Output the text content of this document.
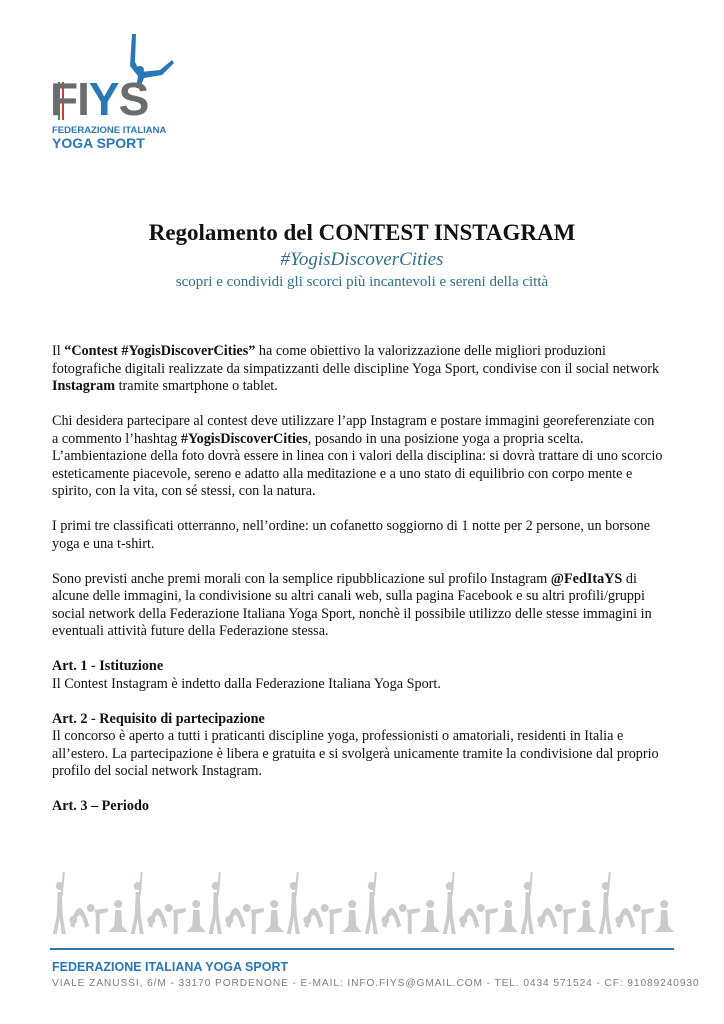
FIYS
FEDERAZIONE ITALIANA
YOGA SPORT
Regolamento del CONTEST INSTAGRAM
#YogisDiscoverCities
scopri e condividi gli scorci più incantevoli e sereni della città

Il “Contest #YogisDiscoverCities” ha come obiettivo la valorizzazione delle migliori produzioni fotografiche digitali realizzate da simpatizzanti delle discipline Yoga Sport, condivise con il social network Instagram tramite smartphone o tablet.

Chi desidera partecipare al contest deve utilizzare l’app Instagram e postare immagini georeferenziate con a commento l’hashtag #YogisDiscoverCities, posando in una posizione yoga a propria scelta. L’ambientazione della foto dovrà essere in linea con i valori della disciplina: si dovrà trattare di uno scorcio esteticamente piacevole, sereno e adatto alla meditazione e a uno stato di equilibrio con corpo mente e spirito, con la vita, con sé stessi, con la natura.

I primi tre classificati otterranno, nell’ordine: un cofanetto soggiorno di 1 notte per 2 persone, un borsone yoga e una t-shirt.

Sono previsti anche premi morali con la semplice ripubblicazione sul profilo Instagram @FedItaYS di alcune delle immagini, la condivisione su altri canali web, sulla pagina Facebook e su altri profili/gruppi social network della Federazione Italiana Yoga Sport, nonchè il possibile utilizzo delle stesse immagini in eventuali attività future della Federazione stessa.

Art. 1 - Istituzione
Il Contest Instagram è indetto dalla Federazione Italiana Yoga Sport.
Art. 2 - Requisito di partecipazione
Il concorso è aperto a tutti i praticanti discipline yoga, professionisti o amatoriali, residenti in Italia e all’estero. La partecipazione è libera e gratuita e si svolgerà unicamente tramite la condivisione dal proprio profilo del social network Instagram.
Art. 3 – Periodo
FEDERAZIONE ITALIANA YOGA SPORT
VIALE ZANUSSI, 6/M - 33170 PORDENONE - E-MAIL: INFO.FIYS@GMAIL.COM - TEL. 0434 571524 - CF: 91089240930
